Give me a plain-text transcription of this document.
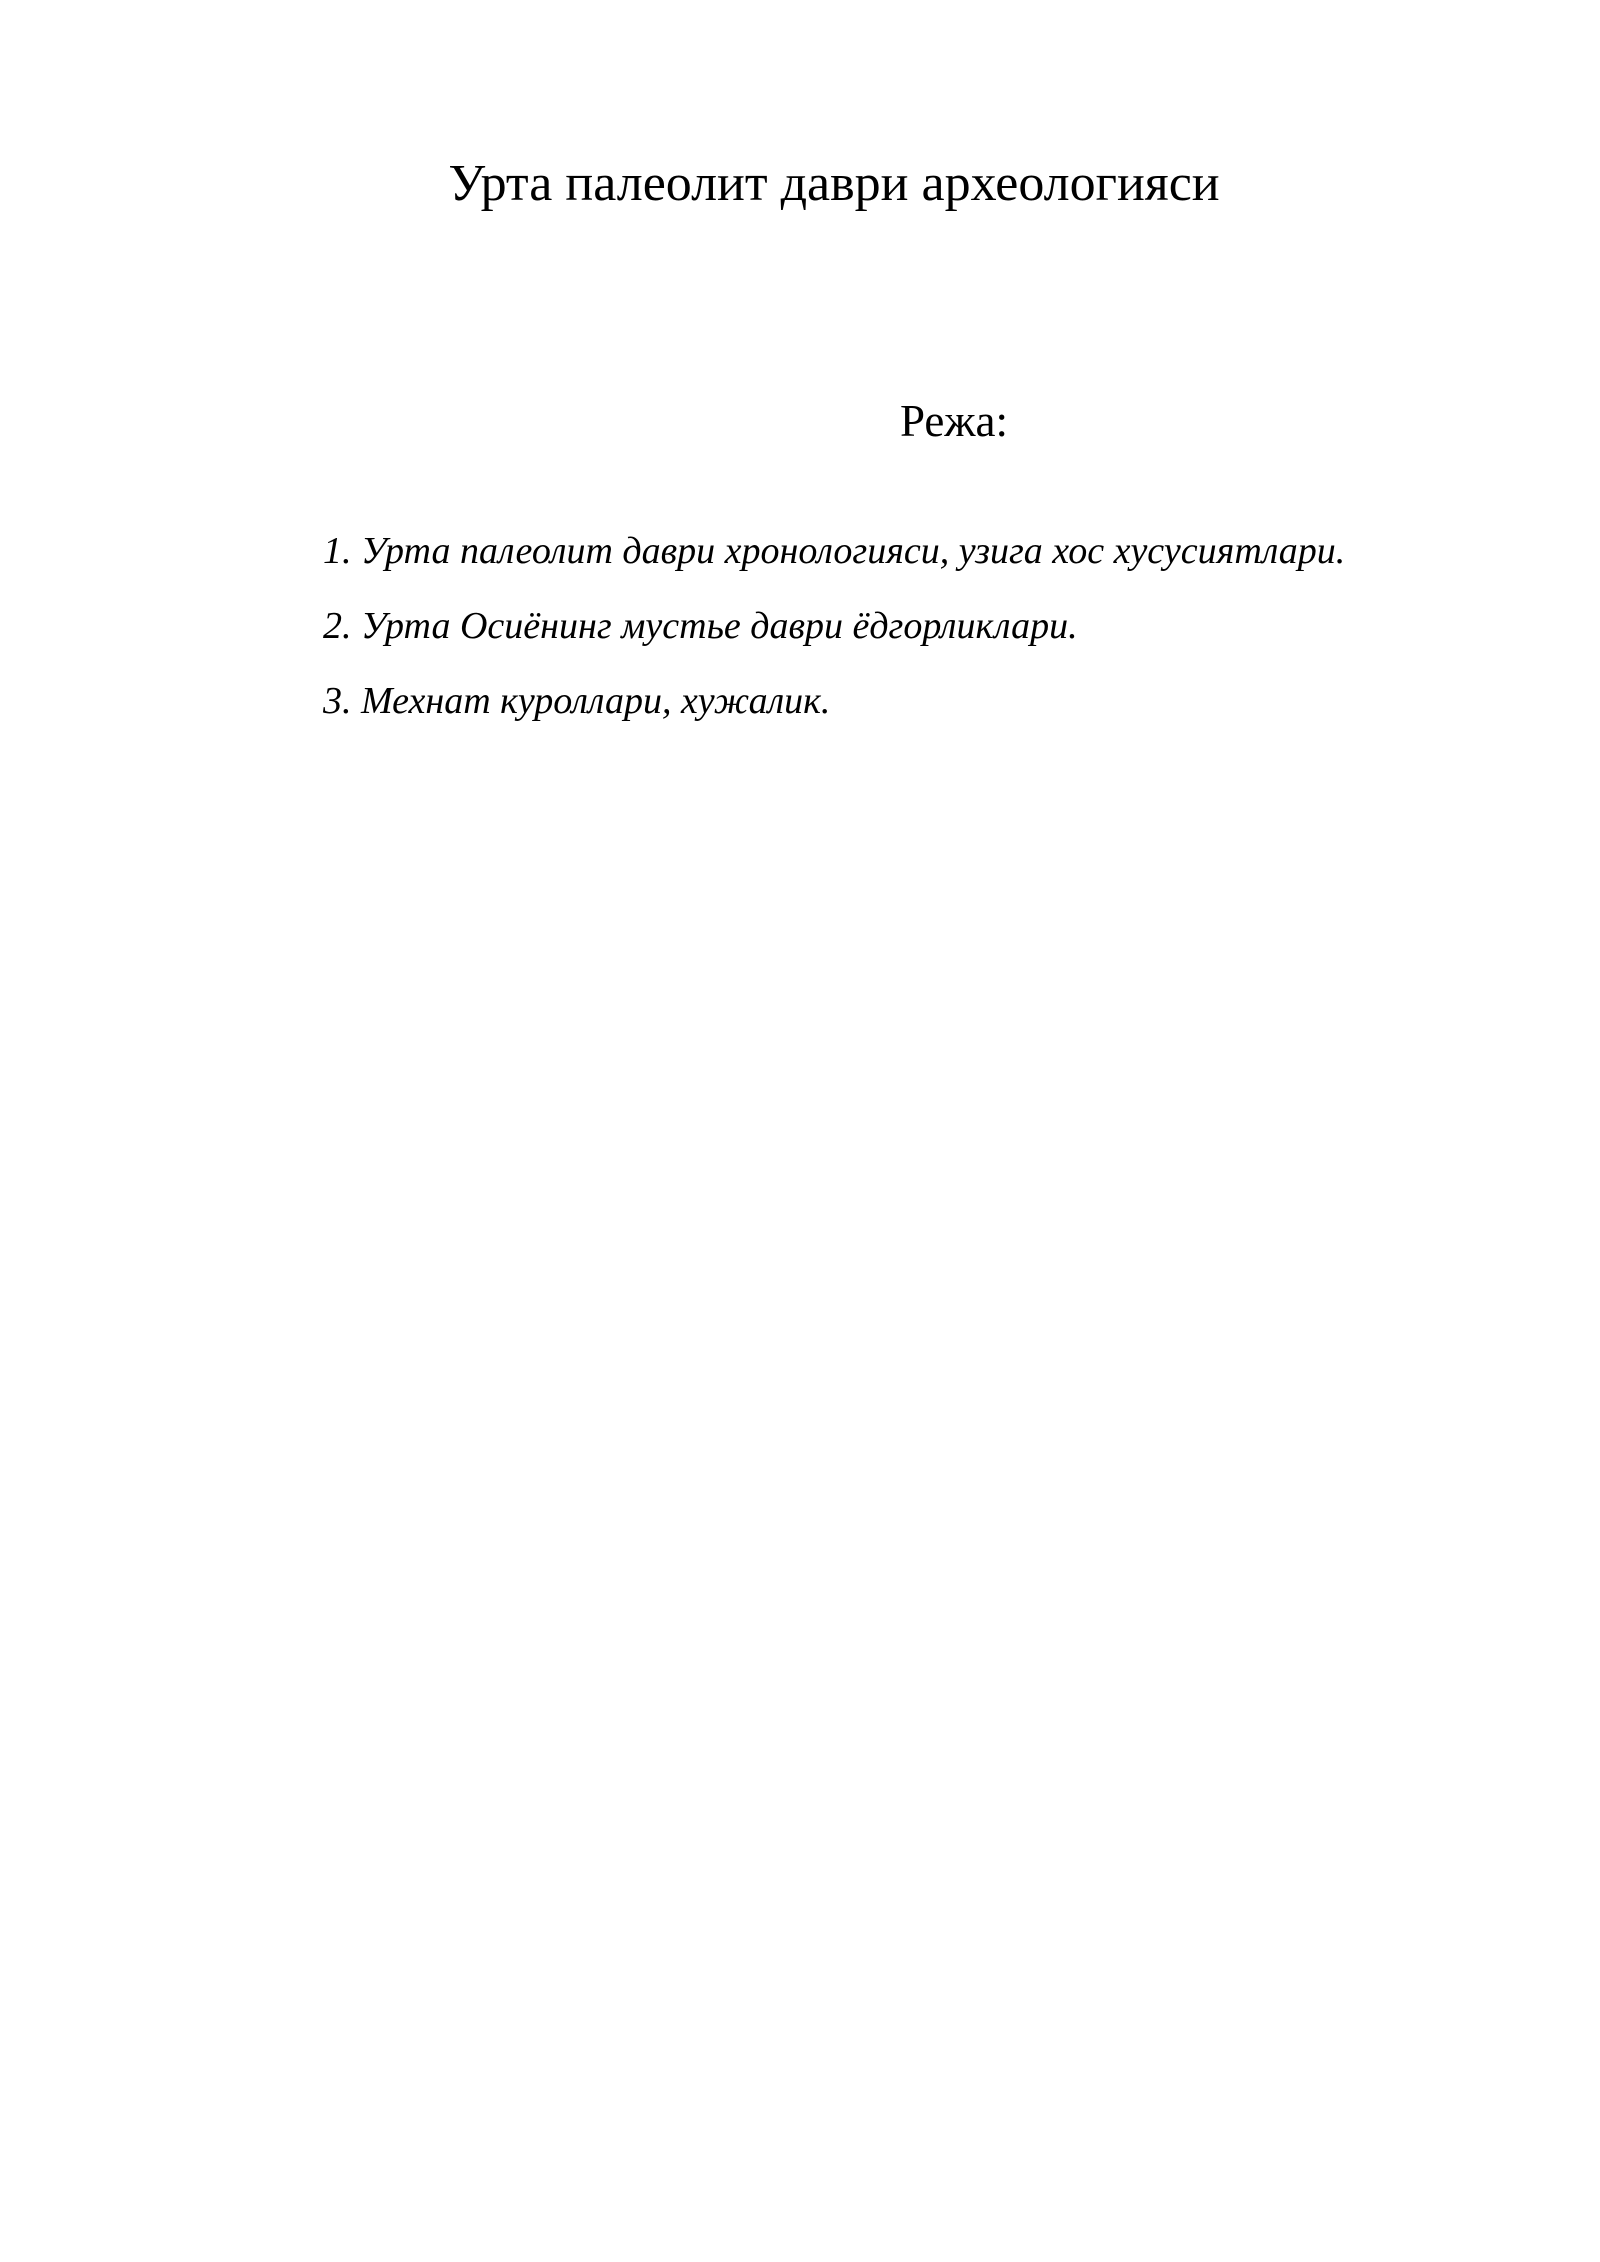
Урта палеолит даври археологияси
Режа:
1. Урта палеолит даври хронологияси, узига хос хусусиятлари.
2. Урта Осиёнинг мустье даври ёдгорликлари.
3. Мехнат куроллари, хужалик.
